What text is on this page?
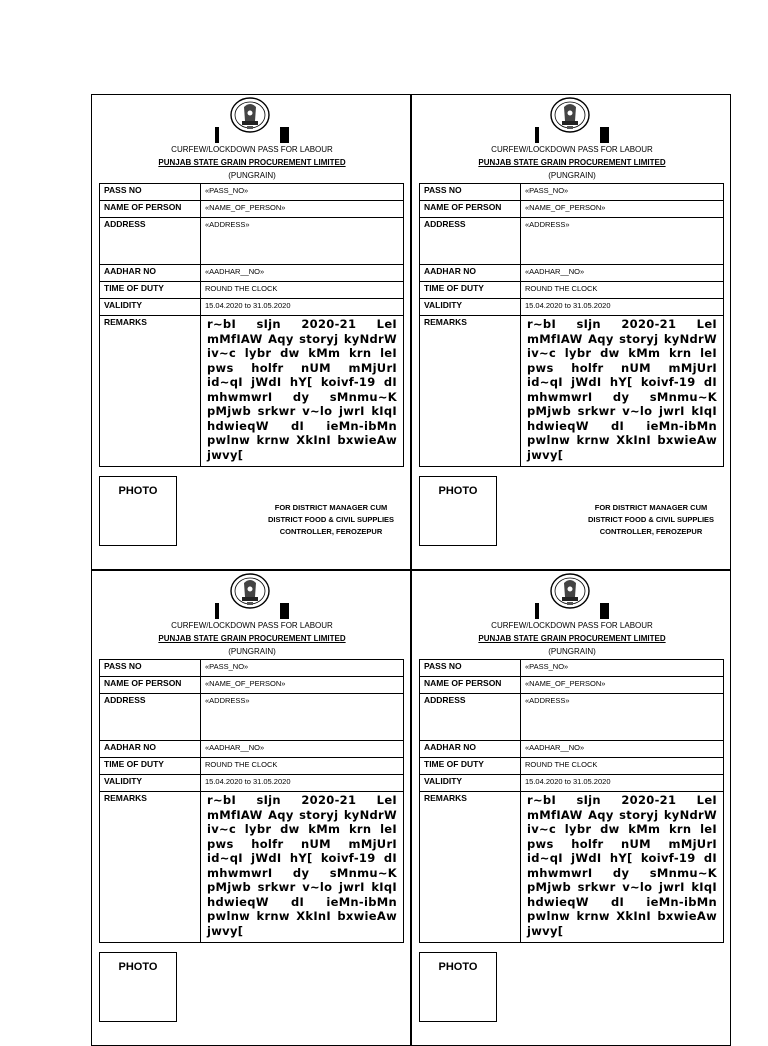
CURFEW/LOCKDOWN PASS FOR LABOUR
PUNJAB STATE GRAIN PROCUREMENT LIMITED
(PUNGRAIN)
PASS NO	«PASS_NO»
NAME OF PERSON	«NAME_OF_PERSON»
ADDRESS	«ADDRESS»
AADHAR NO	«AADHAR__NO»
TIME OF DUTY	ROUND THE CLOCK
VALIDITY	15.04.2020 to 31.05.2020
REMARKS	r~bI sIjn 2020-21 LeI mMfIAW Aqy storyj kyNdrW iv~c lybr dw kMm krn leI pws holfr nUM mMjUrI id~qI jWdI hY[ koivf-19 dI mhwmwrI dy sMnmu~K pMjwb srkwr v~lo jwrI kIqI hdwieqW dI ieMn-ibMn pwlnw krnw XkInI bxwieAw jwvy[
PHOTO
FOR DISTRICT MANAGER CUM
DISTRICT FOOD & CIVIL SUPPLIES
CONTROLLER, FEROZEPUR
CURFEW/LOCKDOWN PASS FOR LABOUR
PUNJAB STATE GRAIN PROCUREMENT LIMITED
(PUNGRAIN)
PASS NO	«PASS_NO»
NAME OF PERSON	«NAME_OF_PERSON»
ADDRESS	«ADDRESS»
AADHAR NO	«AADHAR__NO»
TIME OF DUTY	ROUND THE CLOCK
VALIDITY	15.04.2020 to 31.05.2020
REMARKS	r~bI sIjn 2020-21 LeI mMfIAW Aqy storyj kyNdrW iv~c lybr dw kMm krn leI pws holfr nUM mMjUrI id~qI jWdI hY[ koivf-19 dI mhwmwrI dy sMnmu~K pMjwb srkwr v~lo jwrI kIqI hdwieqW dI ieMn-ibMn pwlnw krnw XkInI bxwieAw jwvy[
PHOTO
FOR DISTRICT MANAGER CUM
DISTRICT FOOD & CIVIL SUPPLIES
CONTROLLER, FEROZEPUR
CURFEW/LOCKDOWN PASS FOR LABOUR
PUNJAB STATE GRAIN PROCUREMENT LIMITED
(PUNGRAIN)
PASS NO	«PASS_NO»
NAME OF PERSON	«NAME_OF_PERSON»
ADDRESS	«ADDRESS»
AADHAR NO	«AADHAR__NO»
TIME OF DUTY	ROUND THE CLOCK
VALIDITY	15.04.2020 to 31.05.2020
REMARKS	r~bI sIjn 2020-21 LeI mMfIAW Aqy storyj kyNdrW iv~c lybr dw kMm krn leI pws holfr nUM mMjUrI id~qI jWdI hY[ koivf-19 dI mhwmwrI dy sMnmu~K pMjwb srkwr v~lo jwrI kIqI hdwieqW dI ieMn-ibMn pwlnw krnw XkInI bxwieAw jwvy[
PHOTO
CURFEW/LOCKDOWN PASS FOR LABOUR
PUNJAB STATE GRAIN PROCUREMENT LIMITED
(PUNGRAIN)
PASS NO	«PASS_NO»
NAME OF PERSON	«NAME_OF_PERSON»
ADDRESS	«ADDRESS»
AADHAR NO	«AADHAR__NO»
TIME OF DUTY	ROUND THE CLOCK
VALIDITY	15.04.2020 to 31.05.2020
REMARKS	r~bI sIjn 2020-21 LeI mMfIAW Aqy storyj kyNdrW iv~c lybr dw kMm krn leI pws holfr nUM mMjUrI id~qI jWdI hY[ koivf-19 dI mhwmwrI dy sMnmu~K pMjwb srkwr v~lo jwrI kIqI hdwieqW dI ieMn-ibMn pwlnw krnw XkInI bxwieAw jwvy[
PHOTO
